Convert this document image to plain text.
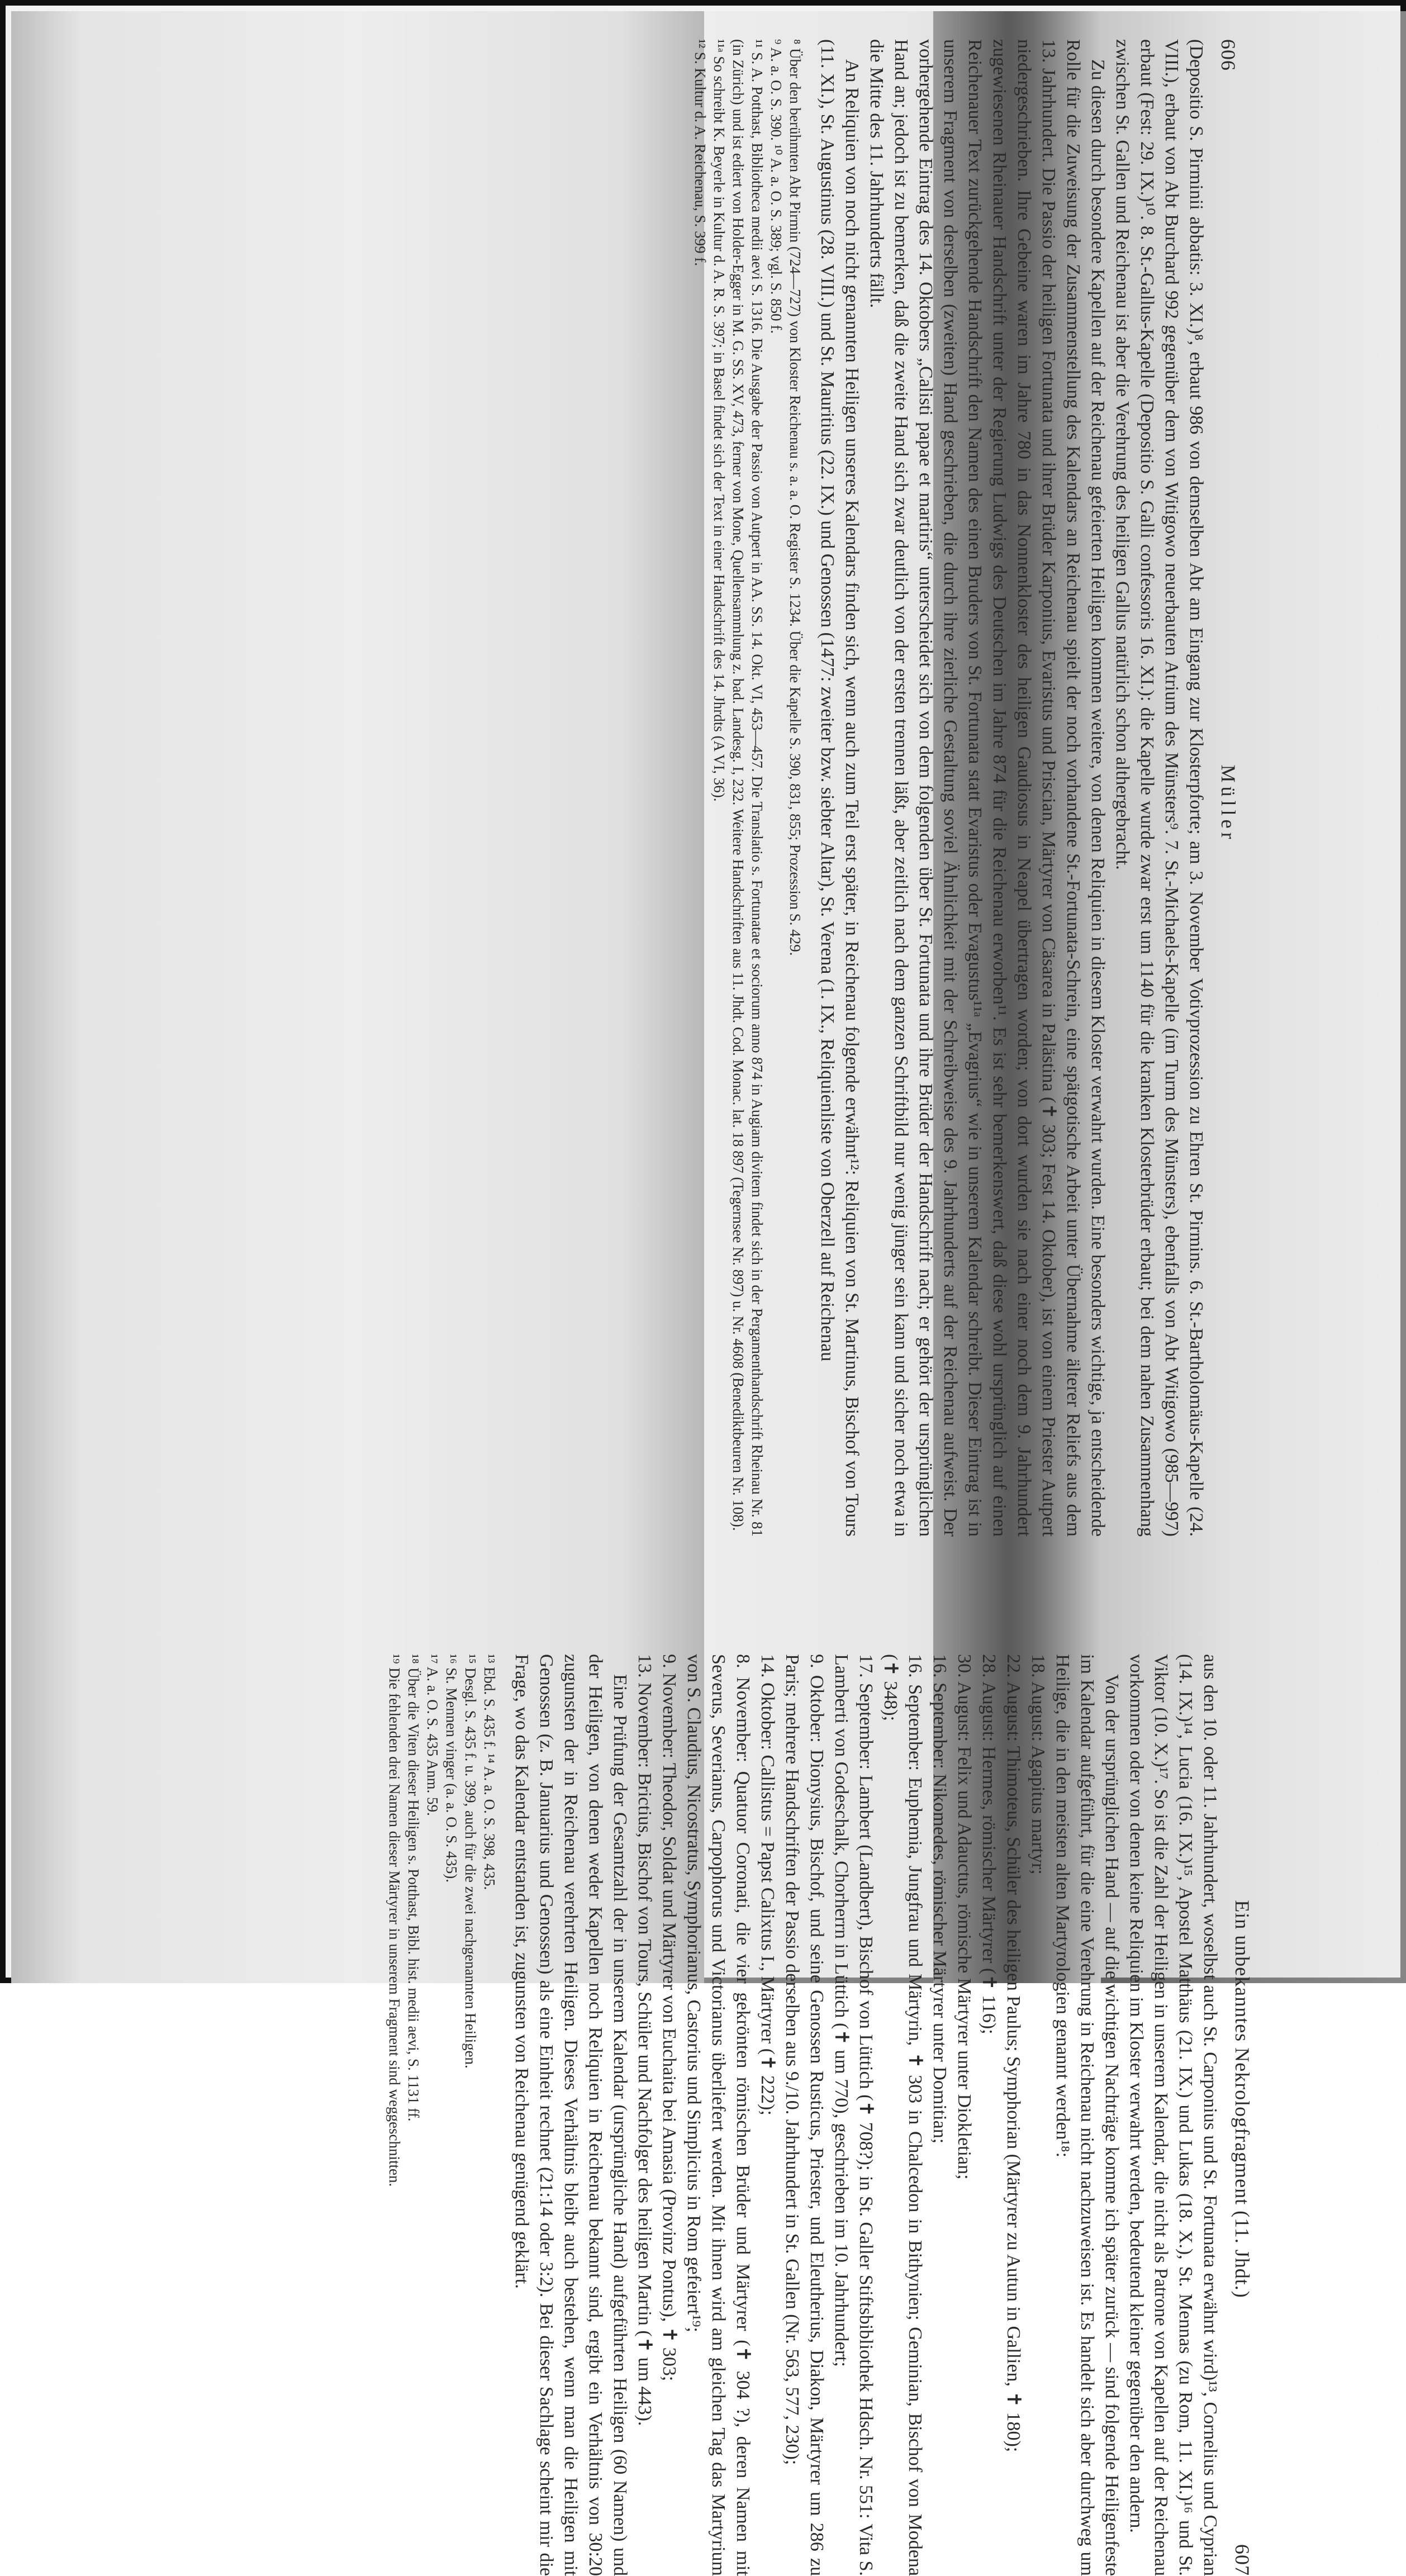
606
Müller

(Depositio S. Pirminii abbatis: 3. XI.)⁸, erbaut 986 von demselben Abt am Eingang zur Klosterpforte; am 3. November Votivprozession zu Ehren St. Pirmins. 6. St.-Bartholomäus-Kapelle (24. VIII.), erbaut von Abt Burchard 992 gegenüber dem von Witigowo neuerbauten Atrium des Münsters⁹. 7. St.-Michaels-Kapelle (im Turm des Münsters), ebenfalls von Abt Witigowo (985—997) erbaut (Fest: 29. IX.)¹⁰. 8. St.-Gallus-Kapelle (Depositio S. Galli confessoris 16. XI.): die Kapelle wurde zwar erst um 1140 für die kranken Klosterbrüder erbaut; bei dem nahen Zusammenhang zwischen St. Gallen und Reichenau ist aber die Verehrung des heiligen Gallus natürlich schon althergebracht.

Zu diesen durch besondere Kapellen auf der Reichenau gefeierten Heiligen kommen weitere, von denen Reliquien in diesem Kloster verwahrt wurden. Eine besonders wichtige, ja entscheidende Rolle für die Zuweisung der Zusammenstellung des Kalendars an Reichenau spielt der noch vorhandene St.-Fortunata-Schrein, eine spätgotische Arbeit unter Übernahme älterer Reliefs aus dem 13. Jahrhundert. Die Passio der heiligen Fortunata und ihrer Brüder Karponius, Evaristus und Priscian, Märtyrer von Cäsarea in Palästina (✝ 303; Fest 14. Oktober), ist von einem Priester Autpert niedergeschrieben. Ihre Gebeine waren im Jahre 780 in das Nonnenkloster des heiligen Gaudiosus in Neapel übertragen worden; von dort wurden sie nach einer noch dem 9. Jahrhundert zugewiesenen Rheinauer Handschrift unter der Regierung Ludwigs des Deutschen im Jahre 874 für die Reichenau erworben¹¹. Es ist sehr bemerkenswert, daß diese wohl ursprünglich auf einen Reichenauer Text zurückgehende Handschrift den Namen des einen Bruders von St. Fortunata statt Evaristus oder Evagustus¹¹ᵃ „Evagrius“ wie in unserem Kalendar schreibt. Dieser Eintrag ist in unserem Fragment von derselben (zweiten) Hand geschrieben, die durch ihre zierliche Gestaltung soviel Ähnlichkeit mit der Schreibweise des 9. Jahrhunderts auf der Reichenau aufweist. Der vorhergehende Eintrag des 14. Oktobers „Calisti papae et martiris“ unterscheidet sich von dem folgenden über St. Fortunata und ihre Brüder der Handschrift nach; er gehört der ursprünglichen Hand an; jedoch ist zu bemerken, daß die zweite Hand sich zwar deutlich von der ersten trennen läßt, aber zeitlich nach dem ganzen Schriftbild nur wenig jünger sein kann und sicher noch etwa in die Mitte des 11. Jahrhunderts fällt.

An Reliquien von noch nicht genannten Heiligen unseres Kalendars finden sich, wenn auch zum Teil erst später, in Reichenau folgende erwähnt¹²: Reliquien von St. Martinus, Bischof von Tours (11. XI.), St. Augustinus (28. VIII.) und St. Mauritius (22. IX.) und Genossen (1477: zweiter bzw. siebter Altar), St. Verena (1. IX., Reliquienliste von Oberzell auf Reichenau

⁸ Über den berühmten Abt Pirmin (724—727) von Kloster Reichenau s. a. a. O. Register S. 1234. Über die Kapelle S. 390, 831, 855; Prozession S. 429.

⁹ A. a. O. S. 390. ¹⁰ A. a. O. S. 389; vgl. S. 850 f.

¹¹ S. A. Potthast, Bibliotheca medii aevi S. 1316. Die Ausgabe der Passio von Autpert in AA. SS. 14. Okt. VI, 453—457. Die Translatio s. Fortunatae et sociorum anno 874 in Augiam divitem findet sich in der Pergamenthandschrift Rheinau Nr. 81 (in Zürich) und ist ediert von Holder-Egger in M. G. SS. XV, 473, ferner von Mone, Quellensammlung z. bad. Landesg. I, 232. Weitere Handschriften aus 11. Jhdt. Cod. Monac. lat. 18 897 (Tegernsee Nr. 897) u. Nr. 4608 (Benediktbeuren Nr. 108).

¹¹ᵃ So schreibt K. Beyerle in Kultur d. A. R. S. 397; in Basel findet sich der Text in einer Handschrift des 14. Jhrdts (A VI, 36).

¹² S. Kultur d. A. Reichenau, S. 399 f.

Ein unbekanntes Nekrologfragment (11. Jhdt.)
607

aus den 10. oder 11. Jahrhundert, woselbst auch St. Carponius und St. Fortunata erwähnt wird)¹³, Cornelius und Cyprian (14. IX.)¹⁴, Lucia (16. IX.)¹⁵, Apostel Matthäus (21. IX.) und Lukas (18. X.), St. Mennas (zu Rom, 11. XI.)¹⁶ und St. Viktor (10. X.)¹⁷. So ist die Zahl der Heiligen in unserem Kalendar, die nicht als Patrone von Kapellen auf der Reichenau vorkommen oder von denen keine Reliquien im Kloster verwahrt werden, bedeutend kleiner gegenüber den andern.

Von der ursprünglichen Hand — auf die wichtigen Nachträge komme ich später zurück — sind folgende Heiligenfeste im Kalendar aufgeführt, für die eine Verehrung in Reichenau nicht nachzuweisen ist. Es handelt sich aber durchweg um Heilige, die in den meisten alten Martyrologien genannt werden¹⁸:

18. August: Agapitus martyr;

22. August: Thimoteus, Schüler des heiligen Paulus; Symphorian (Märtyrer zu Autun in Gallien, ✝ 180);

28. August: Hermes, römischer Märtyrer (✝ 116);

30. August: Felix und Adauctus, römische Märtyrer unter Diokletian;

16. September: Nikomedes, römischer Märtyrer unter Domitian;

16. September: Euphemia, Jungfrau und Märtyrin, ✝ 303 in Chalcedon in Bithynien; Geminian, Bischof von Modena (✝ 348);

17. September: Lambert (Landbert), Bischof von Lüttich (✝ 708?); in St. Galler Stiftsbibliothek Hdsch. Nr. 551: Vita S. Lamberti von Godeschalk, Chorherrn in Lüttich (✝ um 770), geschrieben im 10. Jahrhundert;

9. Oktober: Dionysius, Bischof, und seine Genossen Rusticus, Priester, und Eleutherius, Diakon, Märtyrer um 286 zu Paris; mehrere Handschriften der Passio derselben aus 9./10. Jahrhundert in St. Gallen (Nr. 563, 577, 230);

14. Oktober: Callistus = Papst Calixtus I., Märtyrer (✝ 222);

8. November: Quatuor Coronati, die vier gekrönten römischen Brüder und Märtyrer (✝ 304 ?), deren Namen mit Severus, Severianus, Carpophorus und Victorianus überliefert werden. Mit ihnen wird am gleichen Tag das Martyrium von S. Claudius, Nicostratus, Symphorianus, Castorius und Simplicius in Rom gefeiert¹⁹;

9. November: Theodor, Soldat und Märtyrer von Euchaita bei Amasia (Provinz Pontus), ✝ 303;

13. November: Brictius, Bischof von Tours, Schüler und Nachfolger des heiligen Martin (✝ um 443).

Eine Prüfung der Gesamtzahl der in unserem Kalendar (ursprüngliche Hand) aufgeführten Heiligen (60 Namen) und der Heiligen, von denen weder Kapellen noch Reliquien in Reichenau bekannt sind, ergibt ein Verhältnis von 30:20 zugunsten der in Reichenau verehrten Heiligen. Dieses Verhältnis bleibt auch bestehen, wenn man die Heiligen mit Genossen (z. B. Januarius und Genossen) als eine Einheit rechnet (21:14 oder 3:2). Bei dieser Sachlage scheint mir die Frage, wo das Kalendar entstanden ist, zugunsten von Reichenau genügend geklärt.

¹³ Ebd. S. 435 f. ¹⁴ A. a. O. S. 398, 435.

¹⁵ Desgl. S. 435 f. u. 399, auch für die zwei nachgenannten Heiligen.

¹⁶ St. Mennen vinger (a. a. O. S. 435).

¹⁷ A. a. O. S. 435 Anm. 59.

¹⁸ Über die Viten dieser Heiligen s. Potthast, Bibl. hist. medii aevi, S. 1131 ff.

¹⁹ Die fehlenden drei Namen dieser Märtyrer in unserem Fragment sind weggeschnitten.
